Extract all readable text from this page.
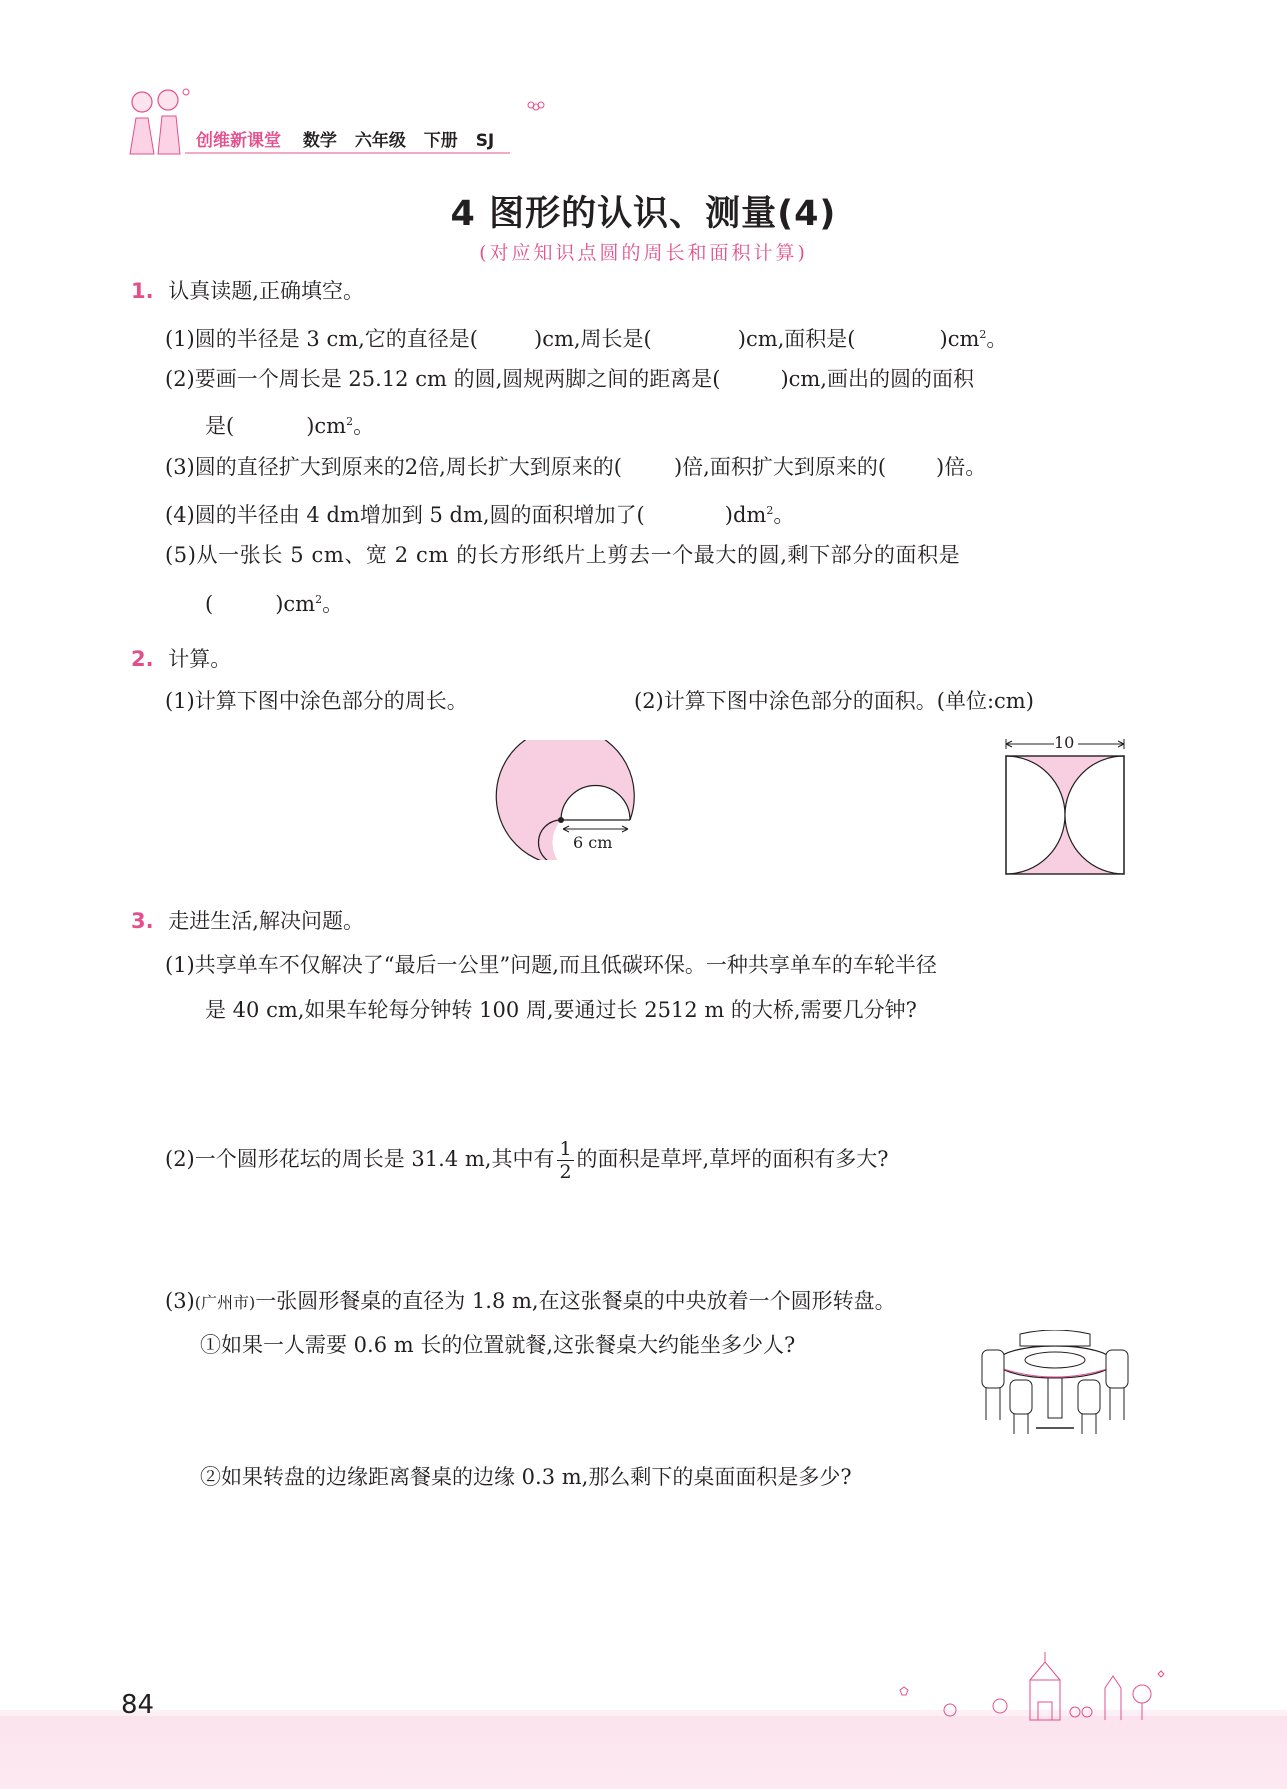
创维新课堂 数学 六年级 下册 SJ
4 图形的认识、测量(4)
(对应知识点圆的周长和面积计算)
1. 认真读题,正确填空。
(1)圆的半径是 3 cm,它的直径是(	)cm,周长是(	)cm,面积是(	)$cm^2$。
(2)要画一个周长是 25.12 cm 的圆,圆规两脚之间的距离是(	)cm,画出的圆的面积
是(	)$cm^2$。
(3)圆的直径扩大到原来的2倍,周长扩大到原来的( )倍,面积扩大到原来的( )倍。
(4)圆的半径由 4 dm增加到 5 dm,圆的面积增加了(	)$dm^2$。
(5)从一张长 5 cm、宽 2 cm 的长方形纸片上剪去一个最大的圆,剩下部分的面积是
(	)$cm^2$。
2. 计算。
(1)计算下图中涂色部分的周长。	(2)计算下图中涂色部分的面积。(单位:cm)
6 cm
10
3. 走进生活,解决问题。
(1)共享单车不仅解决了“最后一公里”问题,而且低碳环保。一种共享单车的车轮半径
是 40 cm,如果车轮每分钟转 100 周,要通过长 2512 m 的大桥,需要几分钟?
(2)一个圆形花坛的周长是 31.4 m,其中有 $\frac{1}{2}$ 的面积是草坪,草坪的面积有多大?
(3)(广州市)一张圆形餐桌的直径为 1.8 m,在这张餐桌的中央放着一个圆形转盘。
①如果一人需要 0.6 m 长的位置就餐,这张餐桌大约能坐多少人?
②如果转盘的边缘距离餐桌的边缘 0.3 m,那么剩下的桌面面积是多少?
84
